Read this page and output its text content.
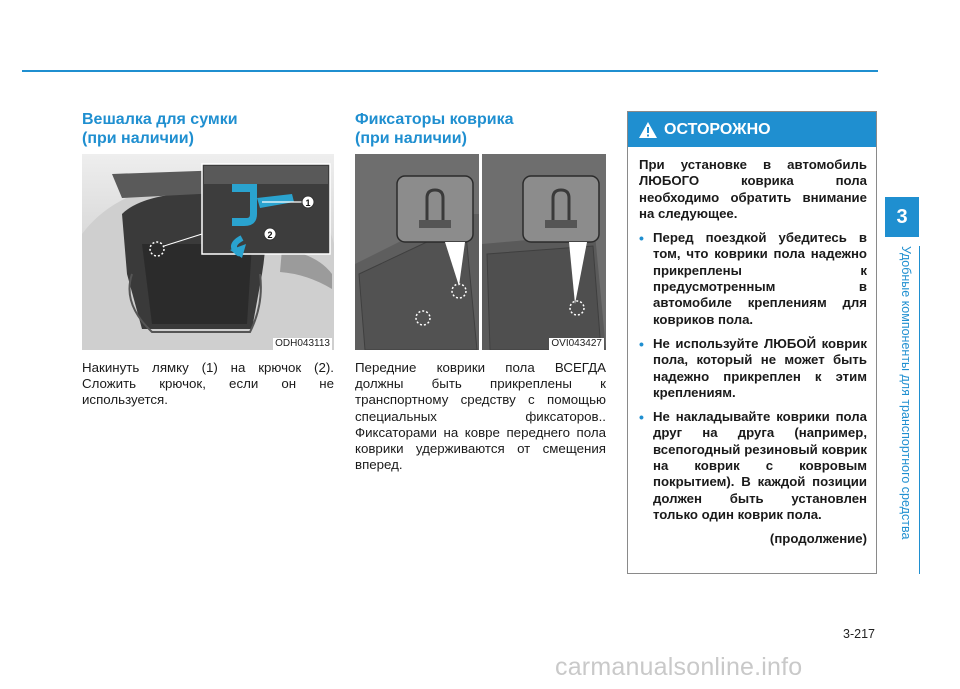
Вешалка для сумки
(при наличии)
1
2
ODH043113

Накинуть лямку (1) на крючок (2). Сложить крючок, если он не используется.

Фиксаторы коврика
(при наличии)
OVI043427

Передние коврики пола ВСЕГДА должны быть прикреплены к транспортному средству с помощью специальных фиксаторов.. Фиксаторами на ковре переднего пола коврики удерживаются от смещения вперед.

ОСТОРОЖНО

При установке в автомобиль ЛЮБОГО коврика пола необходимо обратить внимание на следующее.

• Перед поездкой убедитесь в том, что коврики пола надежно прикреплены к предусмотренным в автомобиле креплениям для ковриков пола.
• Не используйте ЛЮБОЙ коврик пола, который не может быть надежно прикреплен к этим креплениям.
• Не накладывайте коврики пола друг на друга (например, всепогодный резиновый коврик на коврик с ковровым покрытием). В каждой позиции должен быть установлен только один коврик пола.
(продолжение)
3
Удобные компоненты для транспортного средства
3-217
carmanualsonline.info
